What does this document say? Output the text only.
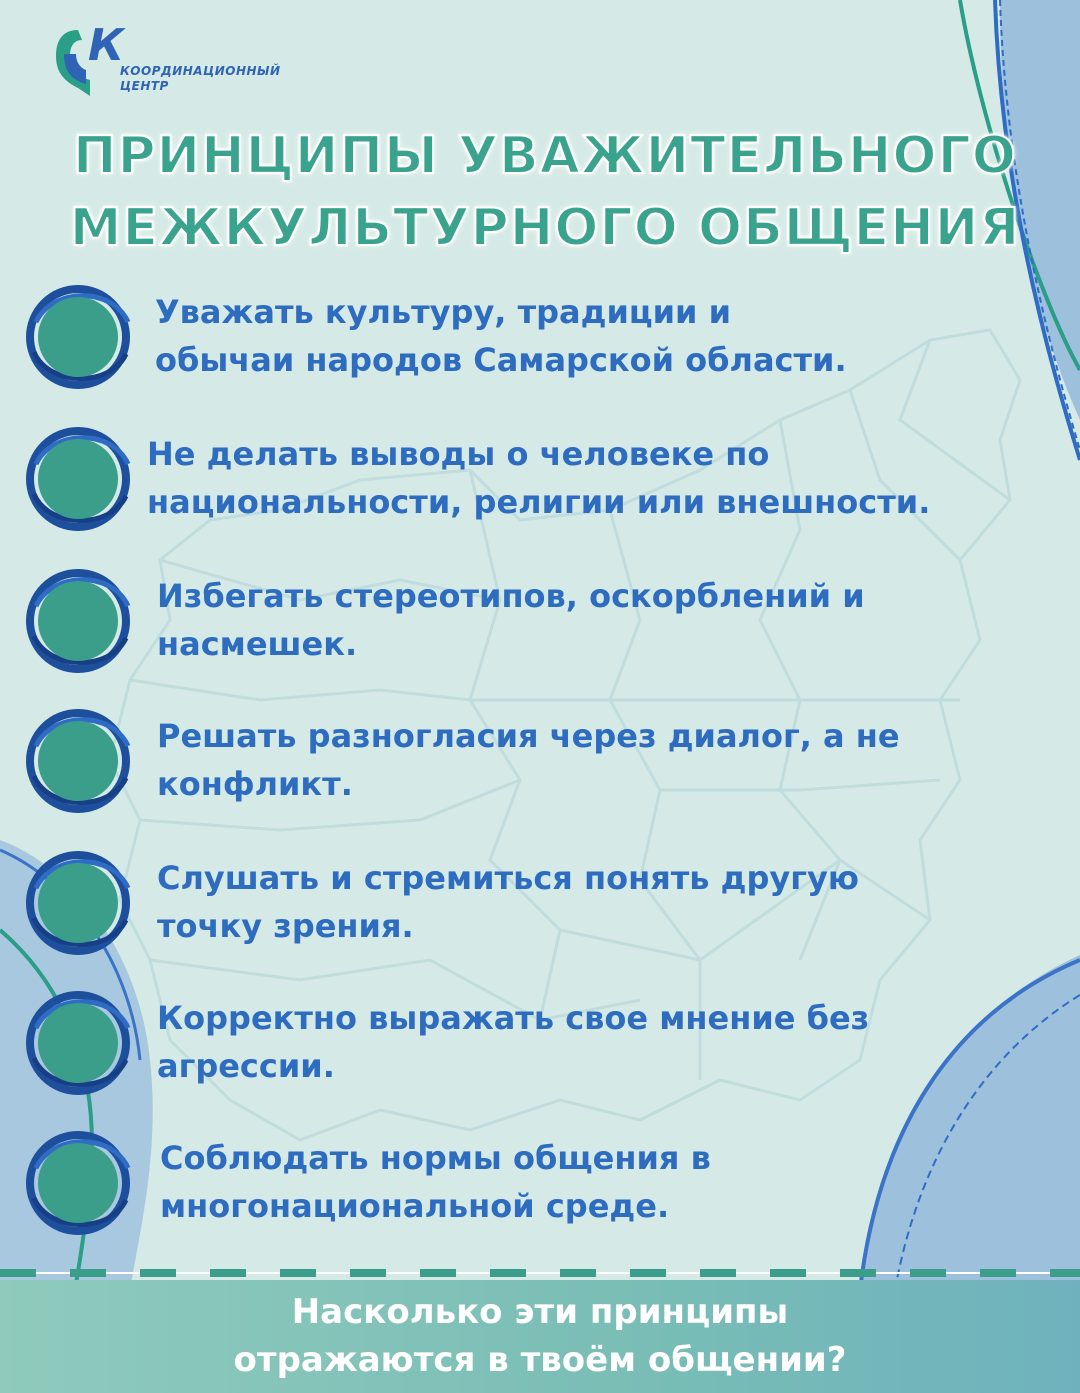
К
КООРДИНАЦИОННЫЙ
ЦЕНТР
ПРИНЦИПЫ УВАЖИТЕЛЬНОГО
МЕЖКУЛЬТУРНОГО ОБЩЕНИЯ
Уважать культуру, традиции и
обычаи народов Самарской области.
Не делать выводы о человеке по
национальности, религии или внешности.
Избегать стереотипов, оскорблений и
насмешек.
Решать разногласия через диалог, а не
конфликт.
Слушать и стремиться понять другую
точку зрения.
Корректно выражать свое мнение без
агрессии.
Соблюдать нормы общения в
многонациональной среде.
Насколько эти принципы
отражаются в твоём общении?
